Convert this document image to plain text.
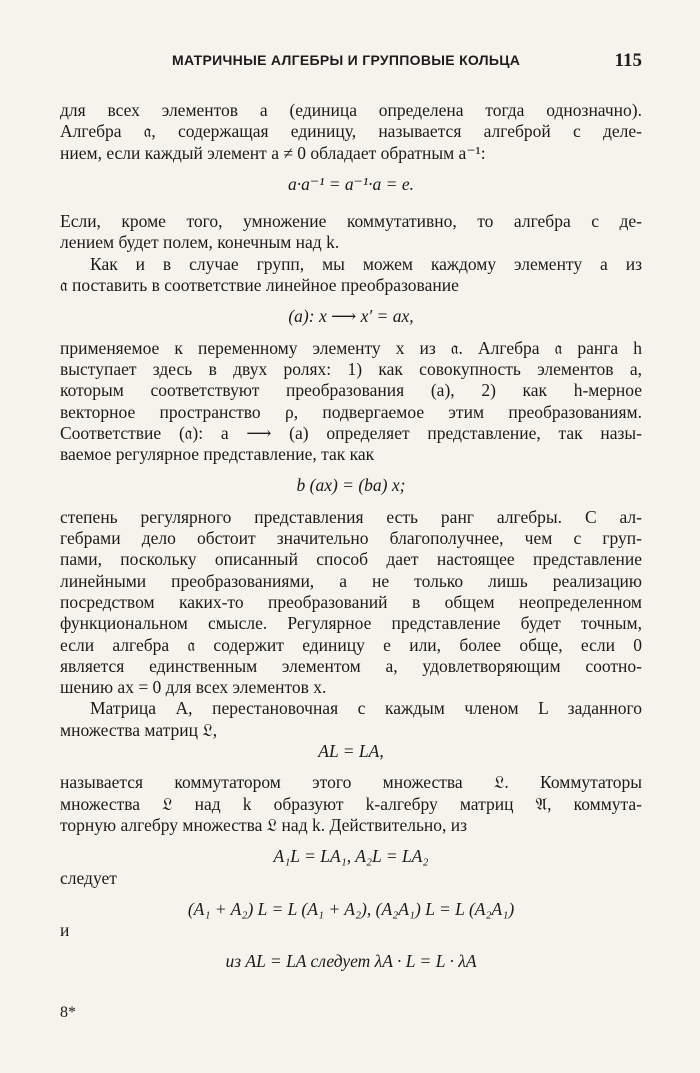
МАТРИЧНЫЕ АЛГЕБРЫ И ГРУППОВЫЕ КОЛЬЦА	115
для всех элементов a (единица определена тогда однозначно).
Алгебра 𝔞, содержащая единицу, называется алгеброй с деле-
нием, если каждый элемент a ≠ 0 обладает обратным a⁻¹:
a·a⁻¹ = a⁻¹·a = e.
Если, кроме того, умножение коммутативно, то алгебра с де-
лением будет полем, конечным над k.
Как и в случае групп, мы можем каждому элементу a из
𝔞 поставить в соответствие линейное преобразование
(a): x ⟶ x′ = ax,
применяемое к переменному элементу x из 𝔞. Алгебра 𝔞 ранга h
выступает здесь в двух ролях: 1) как совокупность элементов a,
которым соответствуют преобразования (a), 2) как h-мерное
векторное пространство ρ, подвергаемое этим преобразованиям.
Соответствие (𝔞): a ⟶ (a) определяет представление, так назы-
ваемое регулярное представление, так как
b (ax) = (ba) x;
степень регулярного представления есть ранг алгебры. С ал-
гебрами дело обстоит значительно благополучнее, чем с груп-
пами, поскольку описанный способ дает настоящее представление
линейными преобразованиями, а не только лишь реализацию
посредством каких-то преобразований в общем неопределенном
функциональном смысле. Регулярное представление будет точным,
если алгебра 𝔞 содержит единицу e или, более обще, если 0
является единственным элементом a, удовлетворяющим соотно-
шению ax = 0 для всех элементов x.
Матрица A, перестановочная с каждым членом L заданного
множества матриц 𝔏,
AL = LA,
называется коммутатором этого множества 𝔏. Коммутаторы
множества 𝔏 над k образуют k-алгебру матриц 𝔄, коммута-
торную алгебру множества 𝔏 над k. Действительно, из
A₁L = LA₁, A₂L = LA₂
следует
(A₁ + A₂) L = L (A₁ + A₂), (A₂A₁) L = L (A₂A₁)
и
из AL = LA следует λA · L = L · λA
8*
